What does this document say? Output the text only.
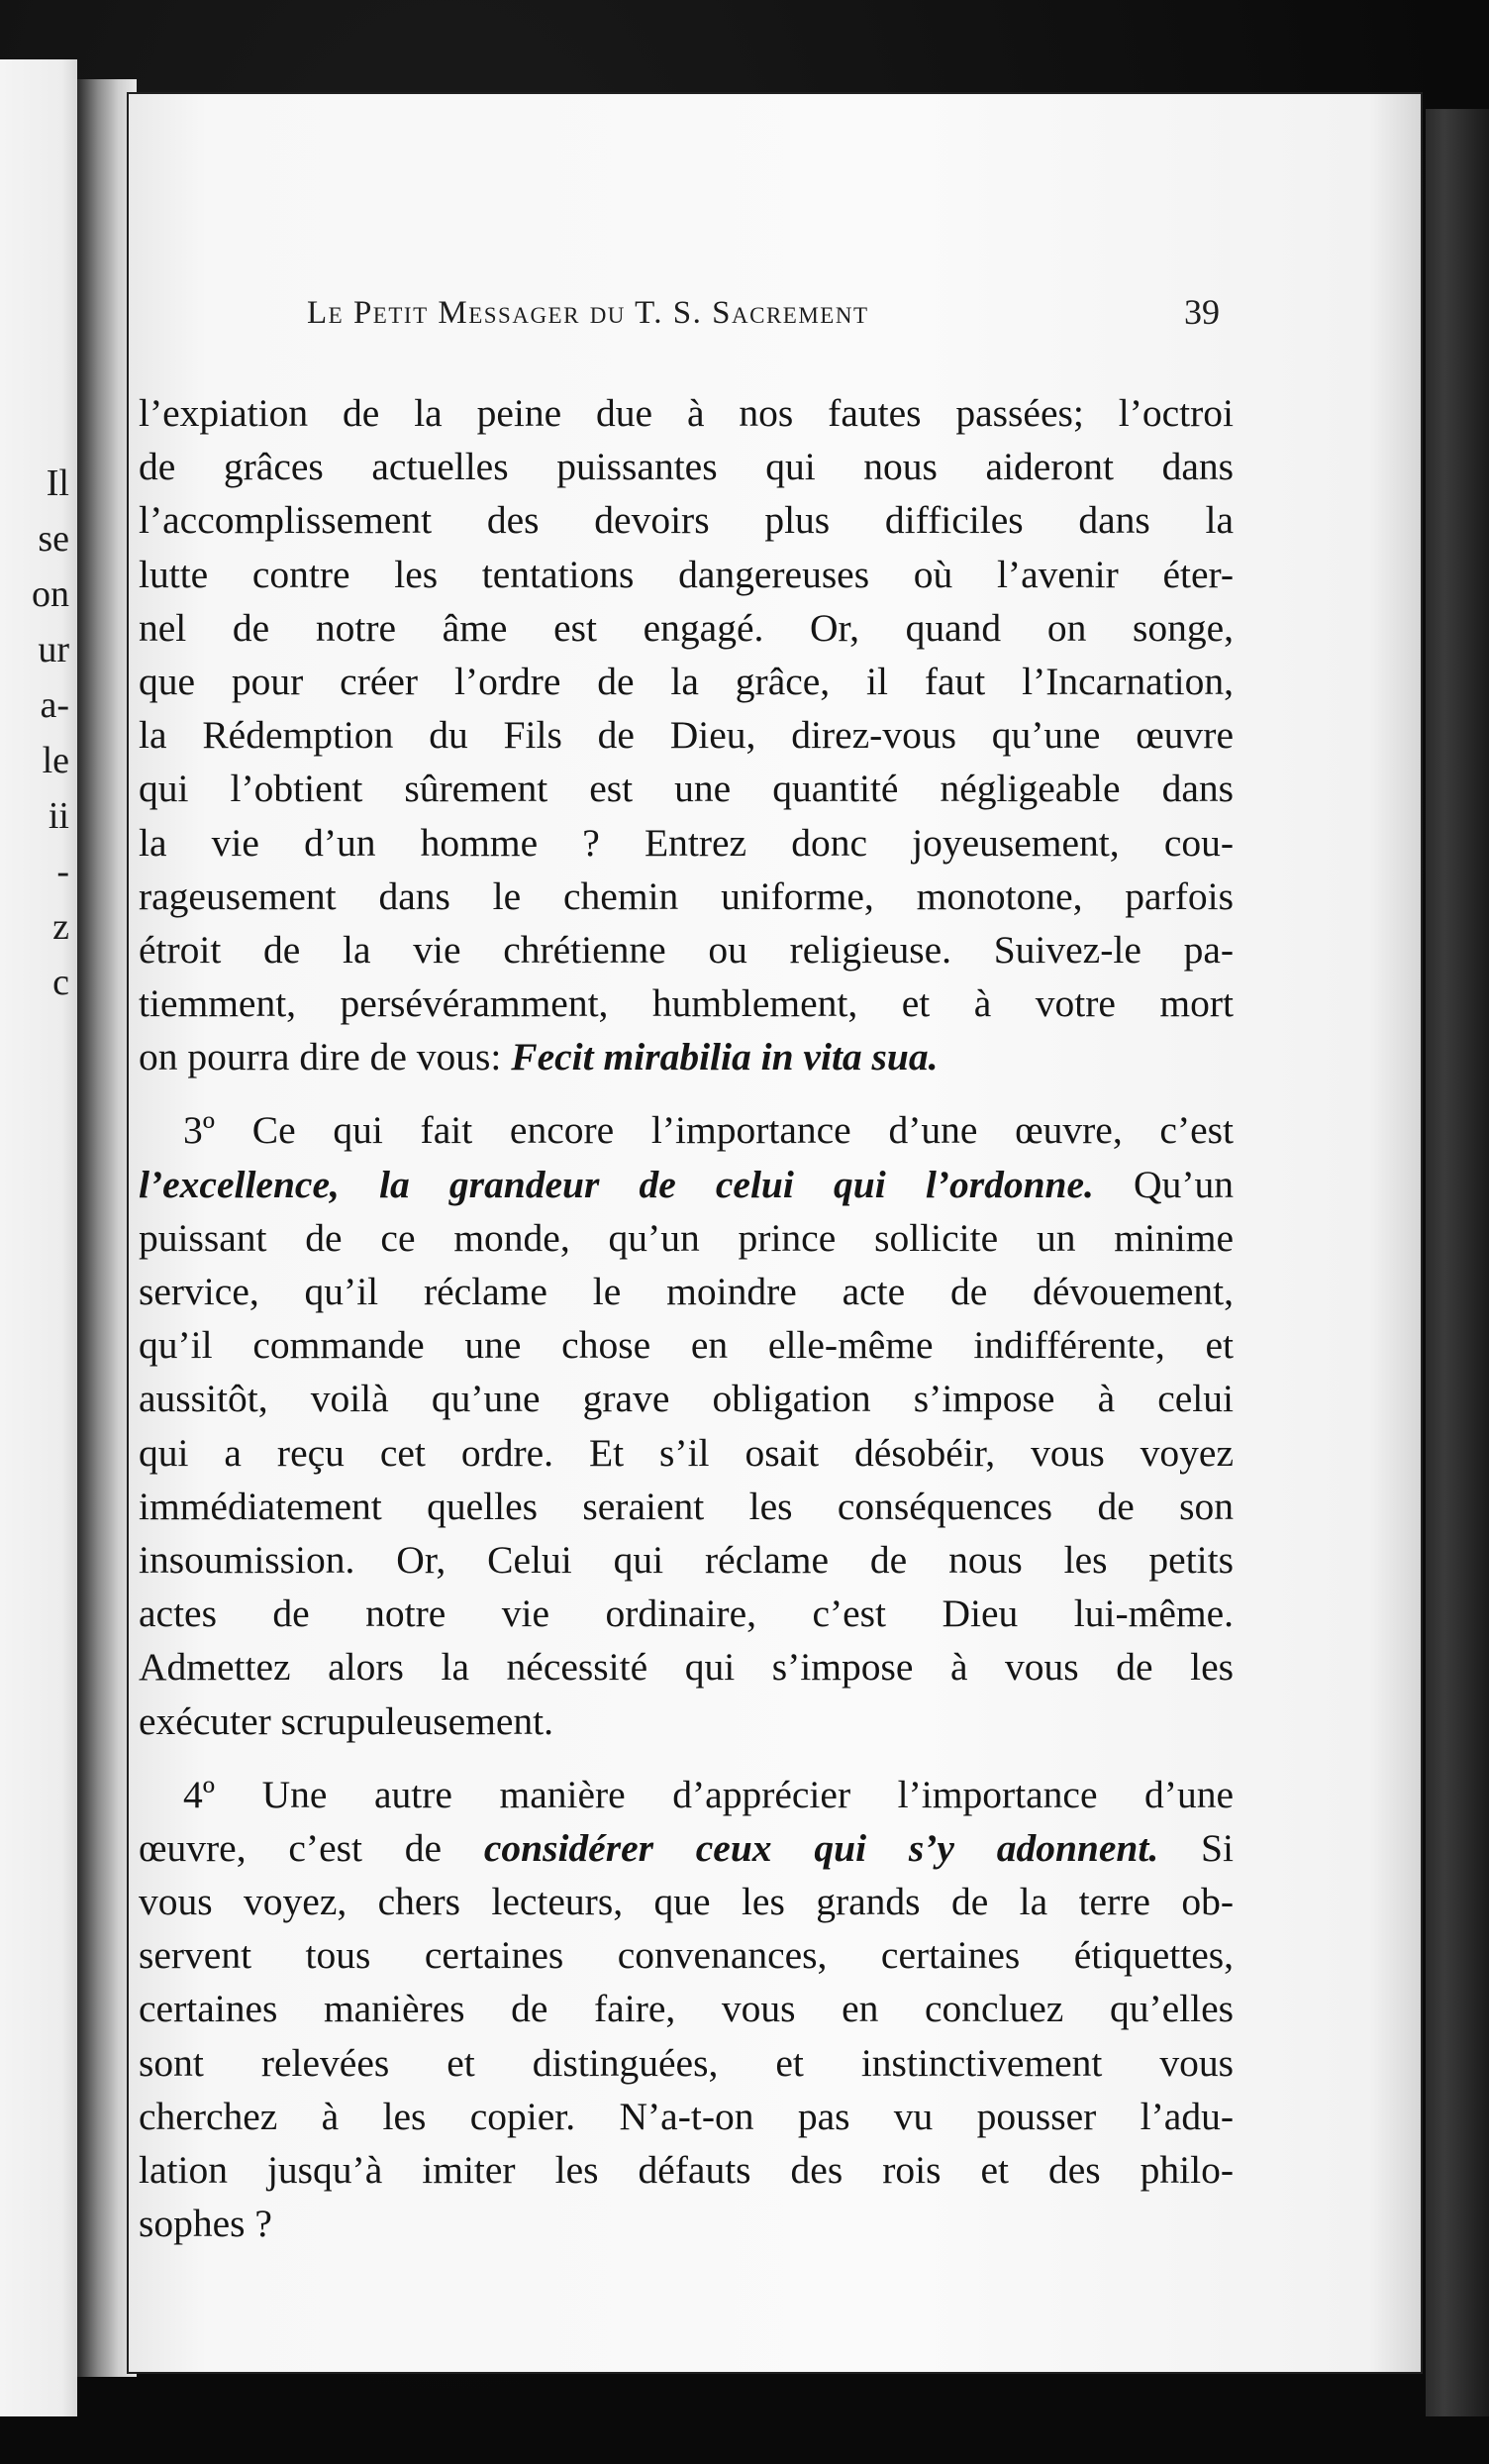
Il
se
on
ur
a-
le
ii
-
z
c
Le Petit Messager du T. S. Sacrement	39
l’expiation de la peine due à nos fautes passées; l’octroi
de grâces actuelles puissantes qui nous aideront dans
l’accomplissement des devoirs plus difficiles dans la
lutte contre les tentations dangereuses où l’avenir éter-
nel de notre âme est engagé. Or, quand on songe,
que pour créer l’ordre de la grâce, il faut l’Incarnation,
la Rédemption du Fils de Dieu, direz-vous qu’une œuvre
qui l’obtient sûrement est une quantité négligeable dans
la vie d’un homme ? Entrez donc joyeusement, cou-
rageusement dans le chemin uniforme, monotone, parfois
étroit de la vie chrétienne ou religieuse. Suivez-le pa-
tiemment, persévéramment, humblement, et à votre mort
on pourra dire de vous: Fecit mirabilia in vita sua.
3º Ce qui fait encore l’importance d’une œuvre, c’est
l’excellence, la grandeur de celui qui l’ordonne. Qu’un
puissant de ce monde, qu’un prince sollicite un minime
service, qu’il réclame le moindre acte de dévouement,
qu’il commande une chose en elle-même indifférente, et
aussitôt, voilà qu’une grave obligation s’impose à celui
qui a reçu cet ordre. Et s’il osait désobéir, vous voyez
immédiatement quelles seraient les conséquences de son
insoumission. Or, Celui qui réclame de nous les petits
actes de notre vie ordinaire, c’est Dieu lui-même.
Admettez alors la nécessité qui s’impose à vous de les
exécuter scrupuleusement.
4º Une autre manière d’apprécier l’importance d’une
œuvre, c’est de considérer ceux qui s’y adonnent. Si
vous voyez, chers lecteurs, que les grands de la terre ob-
servent tous certaines convenances, certaines étiquettes,
certaines manières de faire, vous en concluez qu’elles
sont relevées et distinguées, et instinctivement vous
cherchez à les copier. N’a-t-on pas vu pousser l’adu-
lation jusqu’à imiter les défauts des rois et des philo-
sophes ?
